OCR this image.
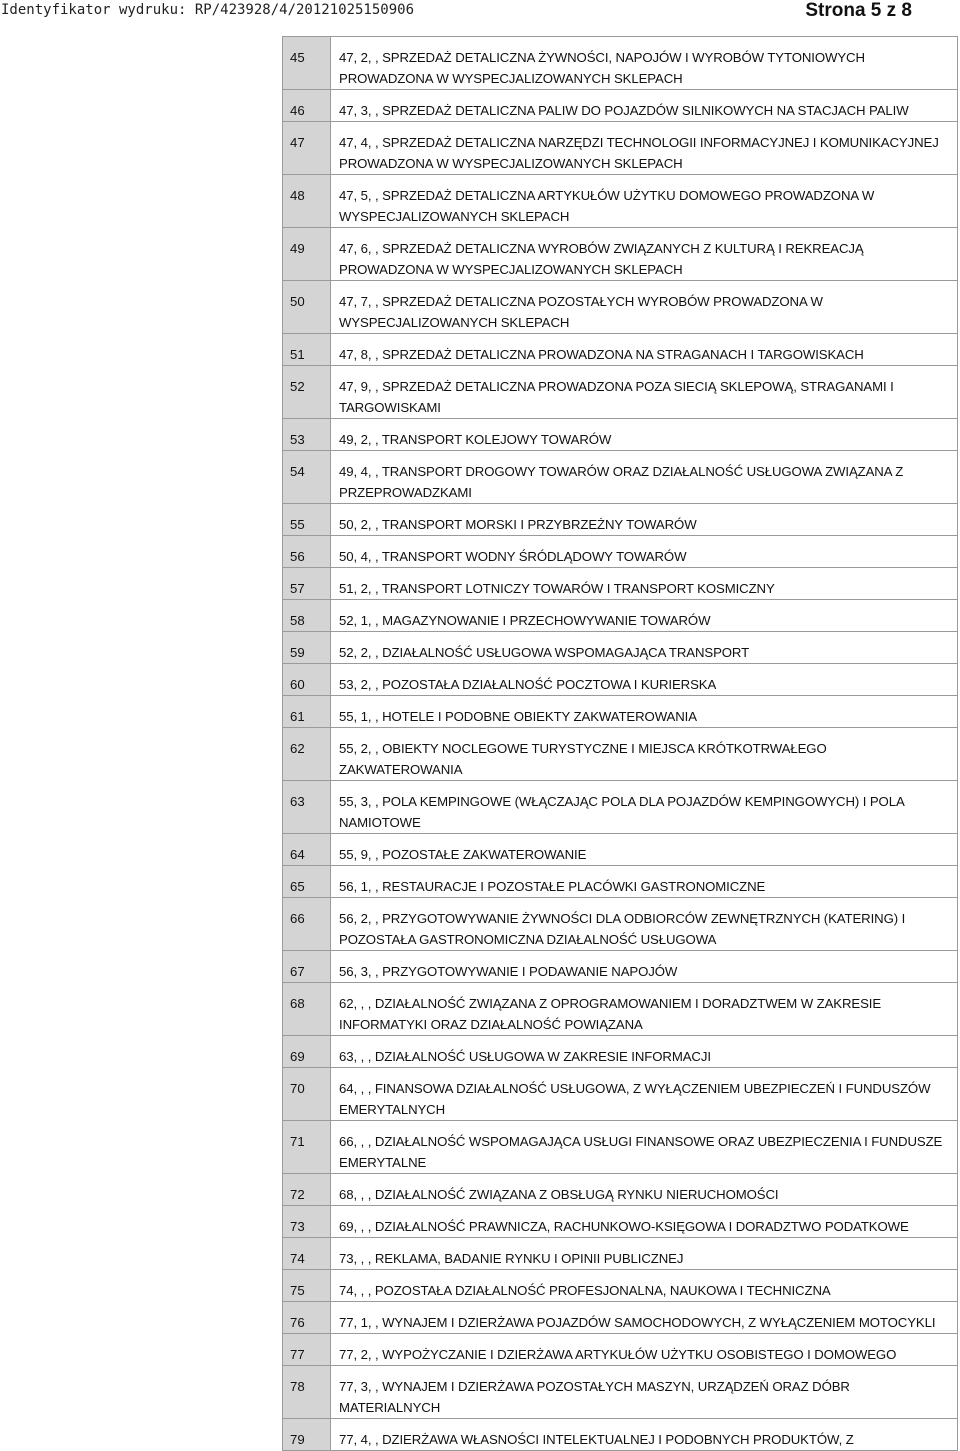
Identyfikator wydruku: RP/423928/4/20121025150906	Strona 5 z 8
45	47, 2, , SPRZEDAŻ DETALICZNA ŻYWNOŚCI, NAPOJÓW I WYROBÓW TYTONIOWYCH PROWADZONA W WYSPECJALIZOWANYCH SKLEPACH
46	47, 3, , SPRZEDAŻ DETALICZNA PALIW DO POJAZDÓW SILNIKOWYCH NA STACJACH PALIW
47	47, 4, , SPRZEDAŻ DETALICZNA NARZĘDZI TECHNOLOGII INFORMACYJNEJ I KOMUNIKACYJNEJ PROWADZONA W WYSPECJALIZOWANYCH SKLEPACH
48	47, 5, , SPRZEDAŻ DETALICZNA ARTYKUŁÓW UŻYTKU DOMOWEGO PROWADZONA W WYSPECJALIZOWANYCH SKLEPACH
49	47, 6, , SPRZEDAŻ DETALICZNA WYROBÓW ZWIĄZANYCH Z KULTURĄ I REKREACJĄ PROWADZONA W WYSPECJALIZOWANYCH SKLEPACH
50	47, 7, , SPRZEDAŻ DETALICZNA POZOSTAŁYCH WYROBÓW PROWADZONA W WYSPECJALIZOWANYCH SKLEPACH
51	47, 8, , SPRZEDAŻ DETALICZNA PROWADZONA NA STRAGANACH I TARGOWISKACH
52	47, 9, , SPRZEDAŻ DETALICZNA PROWADZONA POZA SIECIĄ SKLEPOWĄ, STRAGANAMI I TARGOWISKAMI
53	49, 2, , TRANSPORT KOLEJOWY TOWARÓW
54	49, 4, , TRANSPORT DROGOWY TOWARÓW ORAZ DZIAŁALNOŚĆ USŁUGOWA ZWIĄZANA Z PRZEPROWADZKAMI
55	50, 2, , TRANSPORT MORSKI I PRZYBRZEŻNY TOWARÓW
56	50, 4, , TRANSPORT WODNY ŚRÓDLĄDOWY TOWARÓW
57	51, 2, , TRANSPORT LOTNICZY TOWARÓW I TRANSPORT KOSMICZNY
58	52, 1, , MAGAZYNOWANIE I PRZECHOWYWANIE TOWARÓW
59	52, 2, , DZIAŁALNOŚĆ USŁUGOWA WSPOMAGAJĄCA TRANSPORT
60	53, 2, , POZOSTAŁA DZIAŁALNOŚĆ POCZTOWA I KURIERSKA
61	55, 1, , HOTELE I PODOBNE OBIEKTY ZAKWATEROWANIA
62	55, 2, , OBIEKTY NOCLEGOWE TURYSTYCZNE I MIEJSCA KRÓTKOTRWAŁEGO ZAKWATEROWANIA
63	55, 3, , POLA KEMPINGOWE (WŁĄCZAJĄC POLA DLA POJAZDÓW KEMPINGOWYCH) I POLA NAMIOTOWE
64	55, 9, , POZOSTAŁE ZAKWATEROWANIE
65	56, 1, , RESTAURACJE I POZOSTAŁE PLACÓWKI GASTRONOMICZNE
66	56, 2, , PRZYGOTOWYWANIE ŻYWNOŚCI DLA ODBIORCÓW ZEWNĘTRZNYCH (KATERING) I POZOSTAŁA GASTRONOMICZNA DZIAŁALNOŚĆ USŁUGOWA
67	56, 3, , PRZYGOTOWYWANIE I PODAWANIE NAPOJÓW
68	62, , , DZIAŁALNOŚĆ ZWIĄZANA Z OPROGRAMOWANIEM I DORADZTWEM W ZAKRESIE INFORMATYKI ORAZ DZIAŁALNOŚĆ POWIĄZANA
69	63, , , DZIAŁALNOŚĆ USŁUGOWA W ZAKRESIE INFORMACJI
70	64, , , FINANSOWA DZIAŁALNOŚĆ USŁUGOWA, Z WYŁĄCZENIEM UBEZPIECZEŃ I FUNDUSZÓW EMERYTALNYCH
71	66, , , DZIAŁALNOŚĆ WSPOMAGAJĄCA USŁUGI FINANSOWE ORAZ UBEZPIECZENIA I FUNDUSZE EMERYTALNE
72	68, , , DZIAŁALNOŚĆ ZWIĄZANA Z OBSŁUGĄ RYNKU NIERUCHOMOŚCI
73	69, , , DZIAŁALNOŚĆ PRAWNICZA, RACHUNKOWO-KSIĘGOWA I DORADZTWO PODATKOWE
74	73, , , REKLAMA, BADANIE RYNKU I OPINII PUBLICZNEJ
75	74, , , POZOSTAŁA DZIAŁALNOŚĆ PROFESJONALNA, NAUKOWA I TECHNICZNA
76	77, 1, , WYNAJEM I DZIERŻAWA POJAZDÓW SAMOCHODOWYCH, Z WYŁĄCZENIEM MOTOCYKLI
77	77, 2, , WYPOŻYCZANIE I DZIERŻAWA ARTYKUŁÓW UŻYTKU OSOBISTEGO I DOMOWEGO
78	77, 3, , WYNAJEM I DZIERŻAWA POZOSTAŁYCH MASZYN, URZĄDZEŃ ORAZ DÓBR MATERIALNYCH
79	77, 4, , DZIERŻAWA WŁASNOŚCI INTELEKTUALNEJ I PODOBNYCH PRODUKTÓW, Z
